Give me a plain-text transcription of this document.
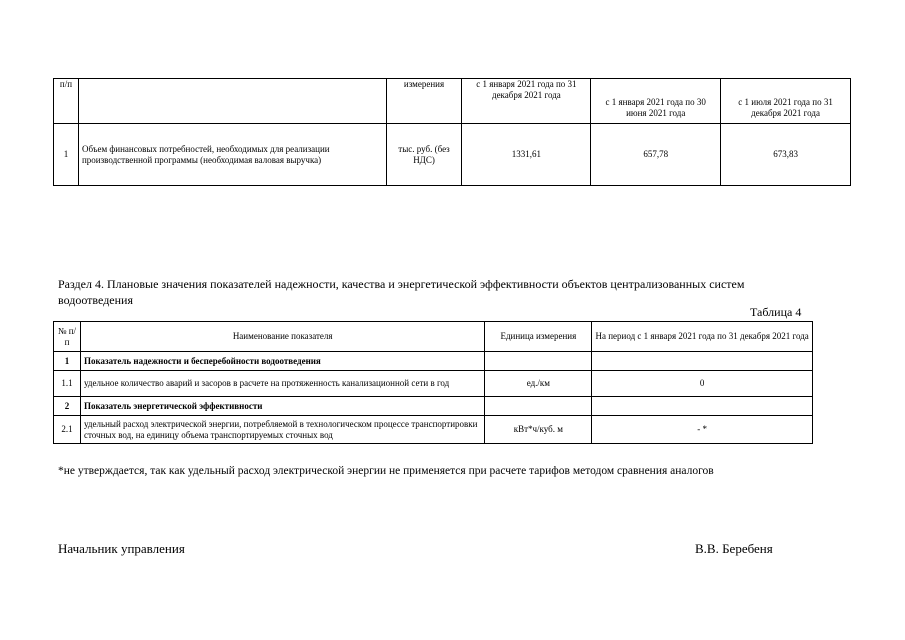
п/п		измерения	с 1 января 2021 года по 31 декабря 2021 года	с 1 января 2021 года по 30 июня 2021 года	с 1 июля 2021 года по 31 декабря 2021 года
1	Объем финансовых потребностей, необходимых для реализации производственной программы (необходимая валовая выручка)	тыс. руб. (без НДС)	1331,61	657,78	673,83
Раздел 4. Плановые значения показателей надежности, качества и энергетической эффективности объектов централизованных систем водоотведения
Таблица 4
№ п/п	Наименование показателя	Единица измерения	На период с 1 января 2021 года по 31 декабря 2021 года
1	Показатель надежности и бесперебойности водоотведения		
1.1	удельное количество аварий и засоров в расчете на протяженность канализационной сети в год	ед./км	0
2	Показатель энергетической эффективности		
2.1	удельный расход электрической энергии, потребляемой в технологическом процессе транспортировки сточных вод, на единицу объема транспортируемых сточных вод	кВт*ч/куб. м	- *
*не утверждается, так как удельный расход электрической энергии не применяется при расчете тарифов методом сравнения аналогов
Начальник управления	В.В. Беребеня
